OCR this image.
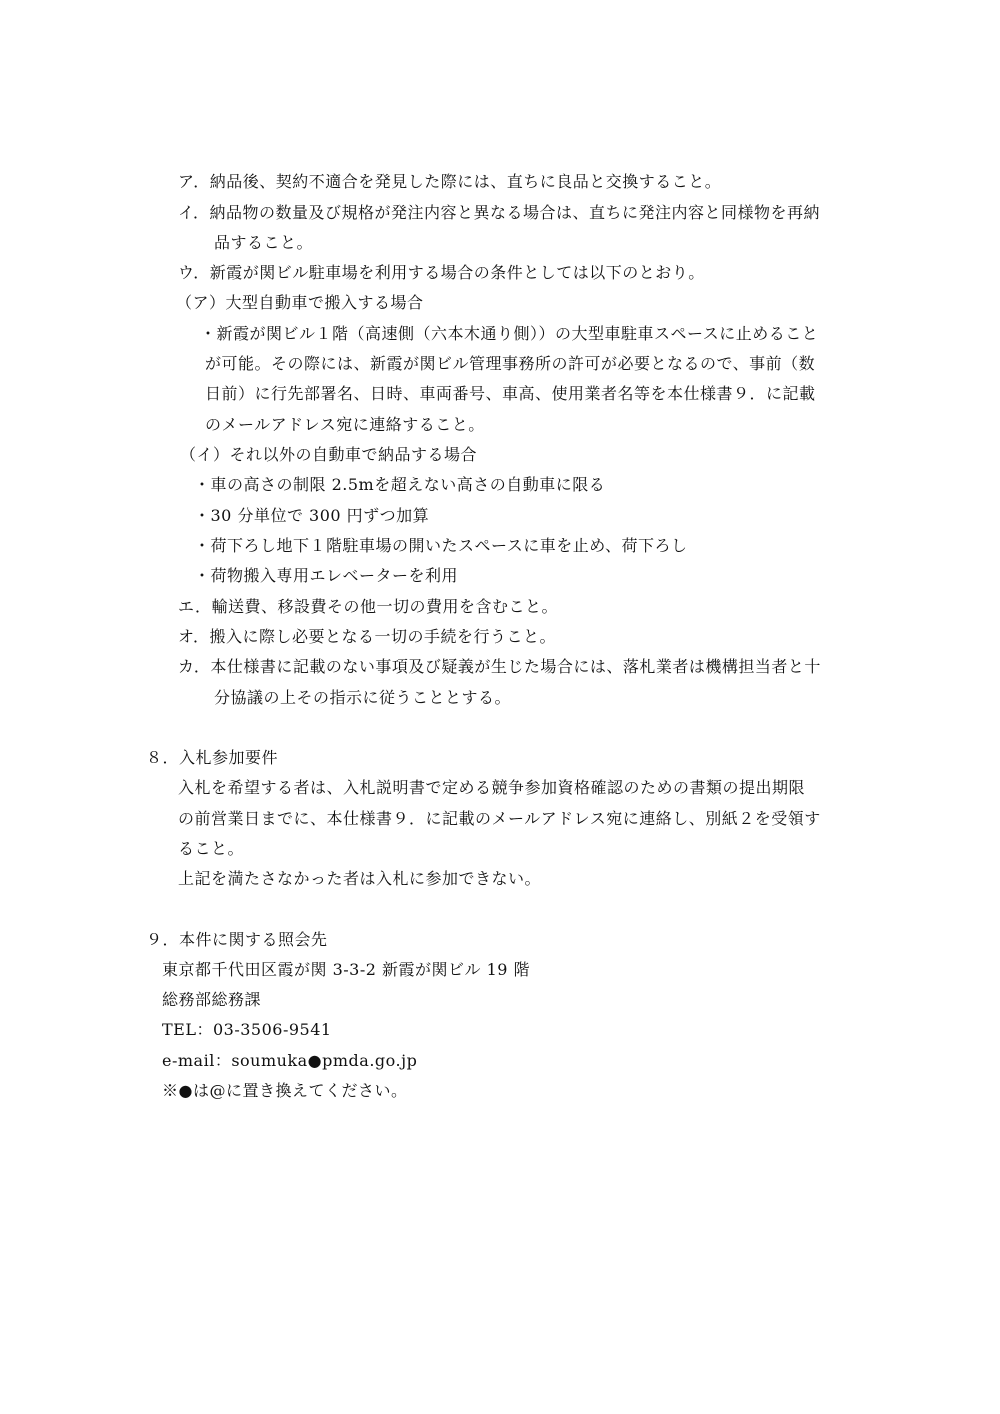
ア．納品後、契約不適合を発見した際には、直ちに良品と交換すること。
イ．納品物の数量及び規格が発注内容と異なる場合は、直ちに発注内容と同様物を再納
品すること。
ウ．新霞が関ビル駐車場を利用する場合の条件としては以下のとおり。
（ア）大型自動車で搬入する場合
・新霞が関ビル１階（高速側（六本木通り側））の大型車駐車スペースに止めること
が可能。その際には、新霞が関ビル管理事務所の許可が必要となるので、事前（数
日前）に行先部署名、日時、車両番号、車高、使用業者名等を本仕様書９．に記載
のメールアドレス宛に連絡すること。
（イ）それ以外の自動車で納品する場合
・車の高さの制限 2.5mを超えない高さの自動車に限る
・30 分単位で 300 円ずつ加算
・荷下ろし地下１階駐車場の開いたスペースに車を止め、荷下ろし
・荷物搬入専用エレベーターを利用
エ．輸送費、移設費その他一切の費用を含むこと。
オ．搬入に際し必要となる一切の手続を行うこと。
カ．本仕様書に記載のない事項及び疑義が生じた場合には、落札業者は機構担当者と十
分協議の上その指示に従うこととする。
８．入札参加要件
入札を希望する者は、入札説明書で定める競争参加資格確認のための書類の提出期限
の前営業日までに、本仕様書９．に記載のメールアドレス宛に連絡し、別紙２を受領す
ること。
上記を満たさなかった者は入札に参加できない。
９．本件に関する照会先
東京都千代田区霞が関 3-3-2 新霞が関ビル 19 階
総務部総務課
TEL：03-3506-9541
e-mail：soumuka●pmda.go.jp
※●は@に置き換えてください。
